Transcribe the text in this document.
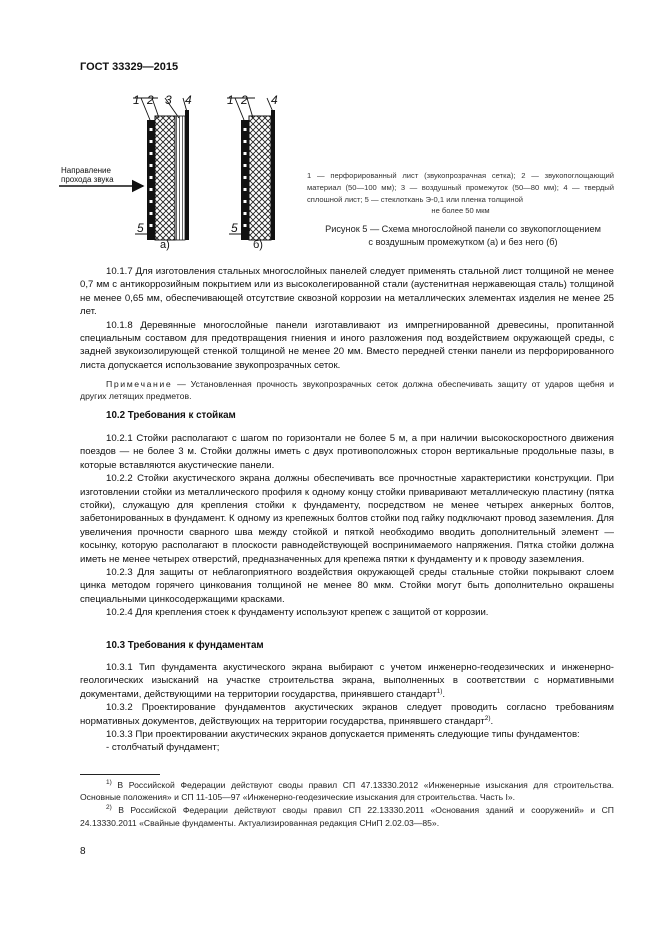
ГОСТ 33329—2015
1 2 3 4
5
1 2 4
5
Направление
прохода звука
а)	б)

1 — перфорированный лист (звукопрозрачная сетка); 2 — звукопоглощающий материал (50—100 мм); 3 — воздушный промежуток (50—80 мм); 4 — твердый сплошной лист; 5 — стеклоткань Э-0,1 или пленка толщиной

не более 50 мкм

Рисунок 5 — Схема многослойной панели со звукопоглощением

с воздушным промежутком (а) и без него (б)

10.1.7 Для изготовления стальных многослойных панелей следует применять стальной лист толщиной не менее 0,7 мм с антикоррозийным покрытием или из высоколегированной стали (аустенитная нержавеющая сталь) толщиной не менее 0,65 мм, обеспечивающей отсутствие сквозной коррозии на металлических элементах изделия не менее 25 лет.

10.1.8 Деревянные многослойные панели изготавливают из импрегнированной древесины, пропитанной специальным составом для предотвращения гниения и иного разложения под воздействием окружающей среды, с задней звукоизолирующей стенкой толщиной не менее 20 мм. Вместо передней стенки панели из перфорированного листа допускается использование звукопрозрачных сеток.

Примечание — Установленная прочность звукопрозрачных сеток должна обеспечивать защиту от ударов щебня и других летящих предметов.

10.2 Требования к стойкам

10.2.1 Стойки располагают с шагом по горизонтали не более 5 м, а при наличии высокоскоростного движения поездов — не более 3 м. Стойки должны иметь с двух противоположных сторон вертикальные продольные пазы, в которые вставляются акустические панели.

10.2.2 Стойки акустического экрана должны обеспечивать все прочностные характеристики конструкции. При изготовлении стойки из металлического профиля к одному концу стойки приваривают металлическую пластину (пятка стойки), служащую для крепления стойки к фундаменту, посредством не менее четырех анкерных болтов, забетонированных в фундамент. К одному из крепежных болтов стойки под гайку подключают провод заземления. Для увеличения прочности сварного шва между стойкой и пяткой необходимо вводить дополнительный элемент — косынку, которую располагают в плоскости равнодействующей воспринимаемого напряжения. Пятка стойки должна иметь не менее четырех отверстий, предназначенных для крепежа пятки к фундаменту и к проводу заземления.

10.2.3 Для защиты от неблагоприятного воздействия окружающей среды стальные стойки покрывают слоем цинка методом горячего цинкования толщиной не менее 80 мкм. Стойки могут быть дополнительно окрашены специальными цинкосодержащими красками.

10.2.4 Для крепления стоек к фундаменту используют крепеж с защитой от коррозии.

10.3 Требования к фундаментам

10.3.1 Тип фундамента акустического экрана выбирают с учетом инженерно-геодезических и инженерно-геологических изысканий на участке строительства экрана, выполненных в соответствии с нормативными документами, действующими на территории государства, принявшего стандарт$^{1)}$.

10.3.2 Проектирование фундаментов акустических экранов следует проводить согласно требованиям нормативных документов, действующих на территории государства, принявшего стандарт$^{2)}$.

10.3.3 При проектировании акустических экранов допускается применять следующие типы фундаментов:

- столбчатый фундамент;

$^{1)}$ В Российской Федерации действуют своды правил СП 47.13330.2012 «Инженерные изыскания для строительства. Основные положения» и СП 11-105—97 «Инженерно-геодезические изыскания для строительства. Часть I».

$^{2)}$ В Российской Федерации действуют своды правил СП 22.13330.2011 «Основания зданий и сооружений» и СП 24.13330.2011 «Свайные фундаменты. Актуализированная редакция СНиП 2.02.03—85».

8
